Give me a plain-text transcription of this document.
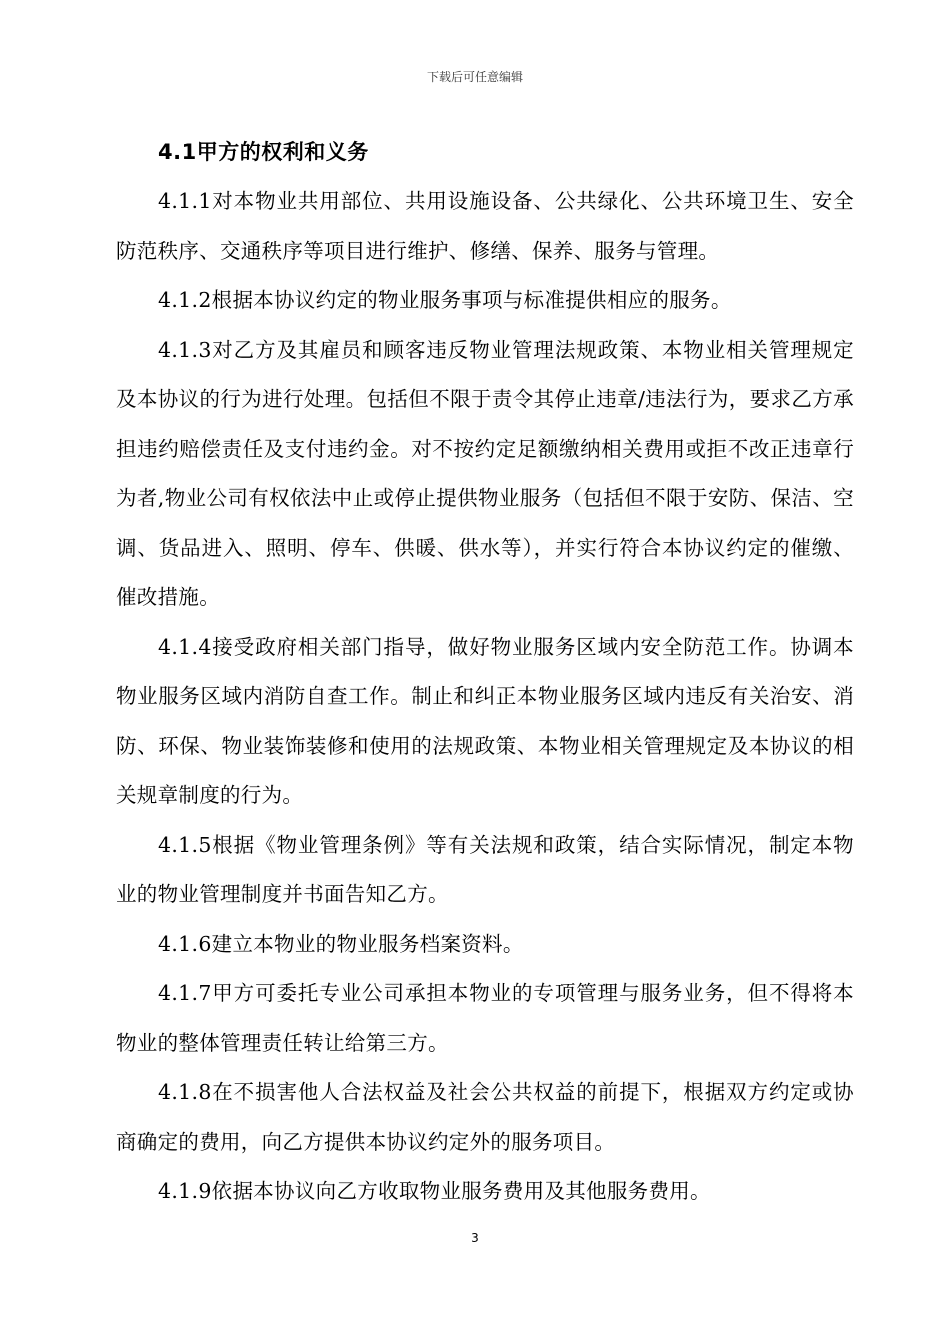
下载后可任意编辑
4.1甲方的权利和义务

4.1.1对本物业共用部位、共用设施设备、公共绿化、公共环境卫生、安全防范秩序、交通秩序等项目进行维护、修缮、保养、服务与管理。

4.1.2根据本协议约定的物业服务事项与标准提供相应的服务。

4.1.3对乙方及其雇员和顾客违反物业管理法规政策、本物业相关管理规定及本协议的行为进行处理。包括但不限于责令其停止违章/违法行为，要求乙方承担违约赔偿责任及支付违约金。对不按约定足额缴纳相关费用或拒不改正违章行为者,物业公司有权依法中止或停止提供物业服务（包括但不限于安防、保洁、空调、货品进入、照明、停车、供暖、供水等），并实行符合本协议约定的催缴、催改措施。

4.1.4接受政府相关部门指导，做好物业服务区域内安全防范工作。协调本物业服务区域内消防自查工作。制止和纠正本物业服务区域内违反有关治安、消防、环保、物业装饰装修和使用的法规政策、本物业相关管理规定及本协议的相关规章制度的行为。

4.1.5根据《物业管理条例》等有关法规和政策，结合实际情况，制定本物业的物业管理制度并书面告知乙方。

4.1.6建立本物业的物业服务档案资料。

4.1.7甲方可委托专业公司承担本物业的专项管理与服务业务，但不得将本物业的整体管理责任转让给第三方。

4.1.8在不损害他人合法权益及社会公共权益的前提下，根据双方约定或协商确定的费用，向乙方提供本协议约定外的服务项目。

4.1.9依据本协议向乙方收取物业服务费用及其他服务费用。

3
